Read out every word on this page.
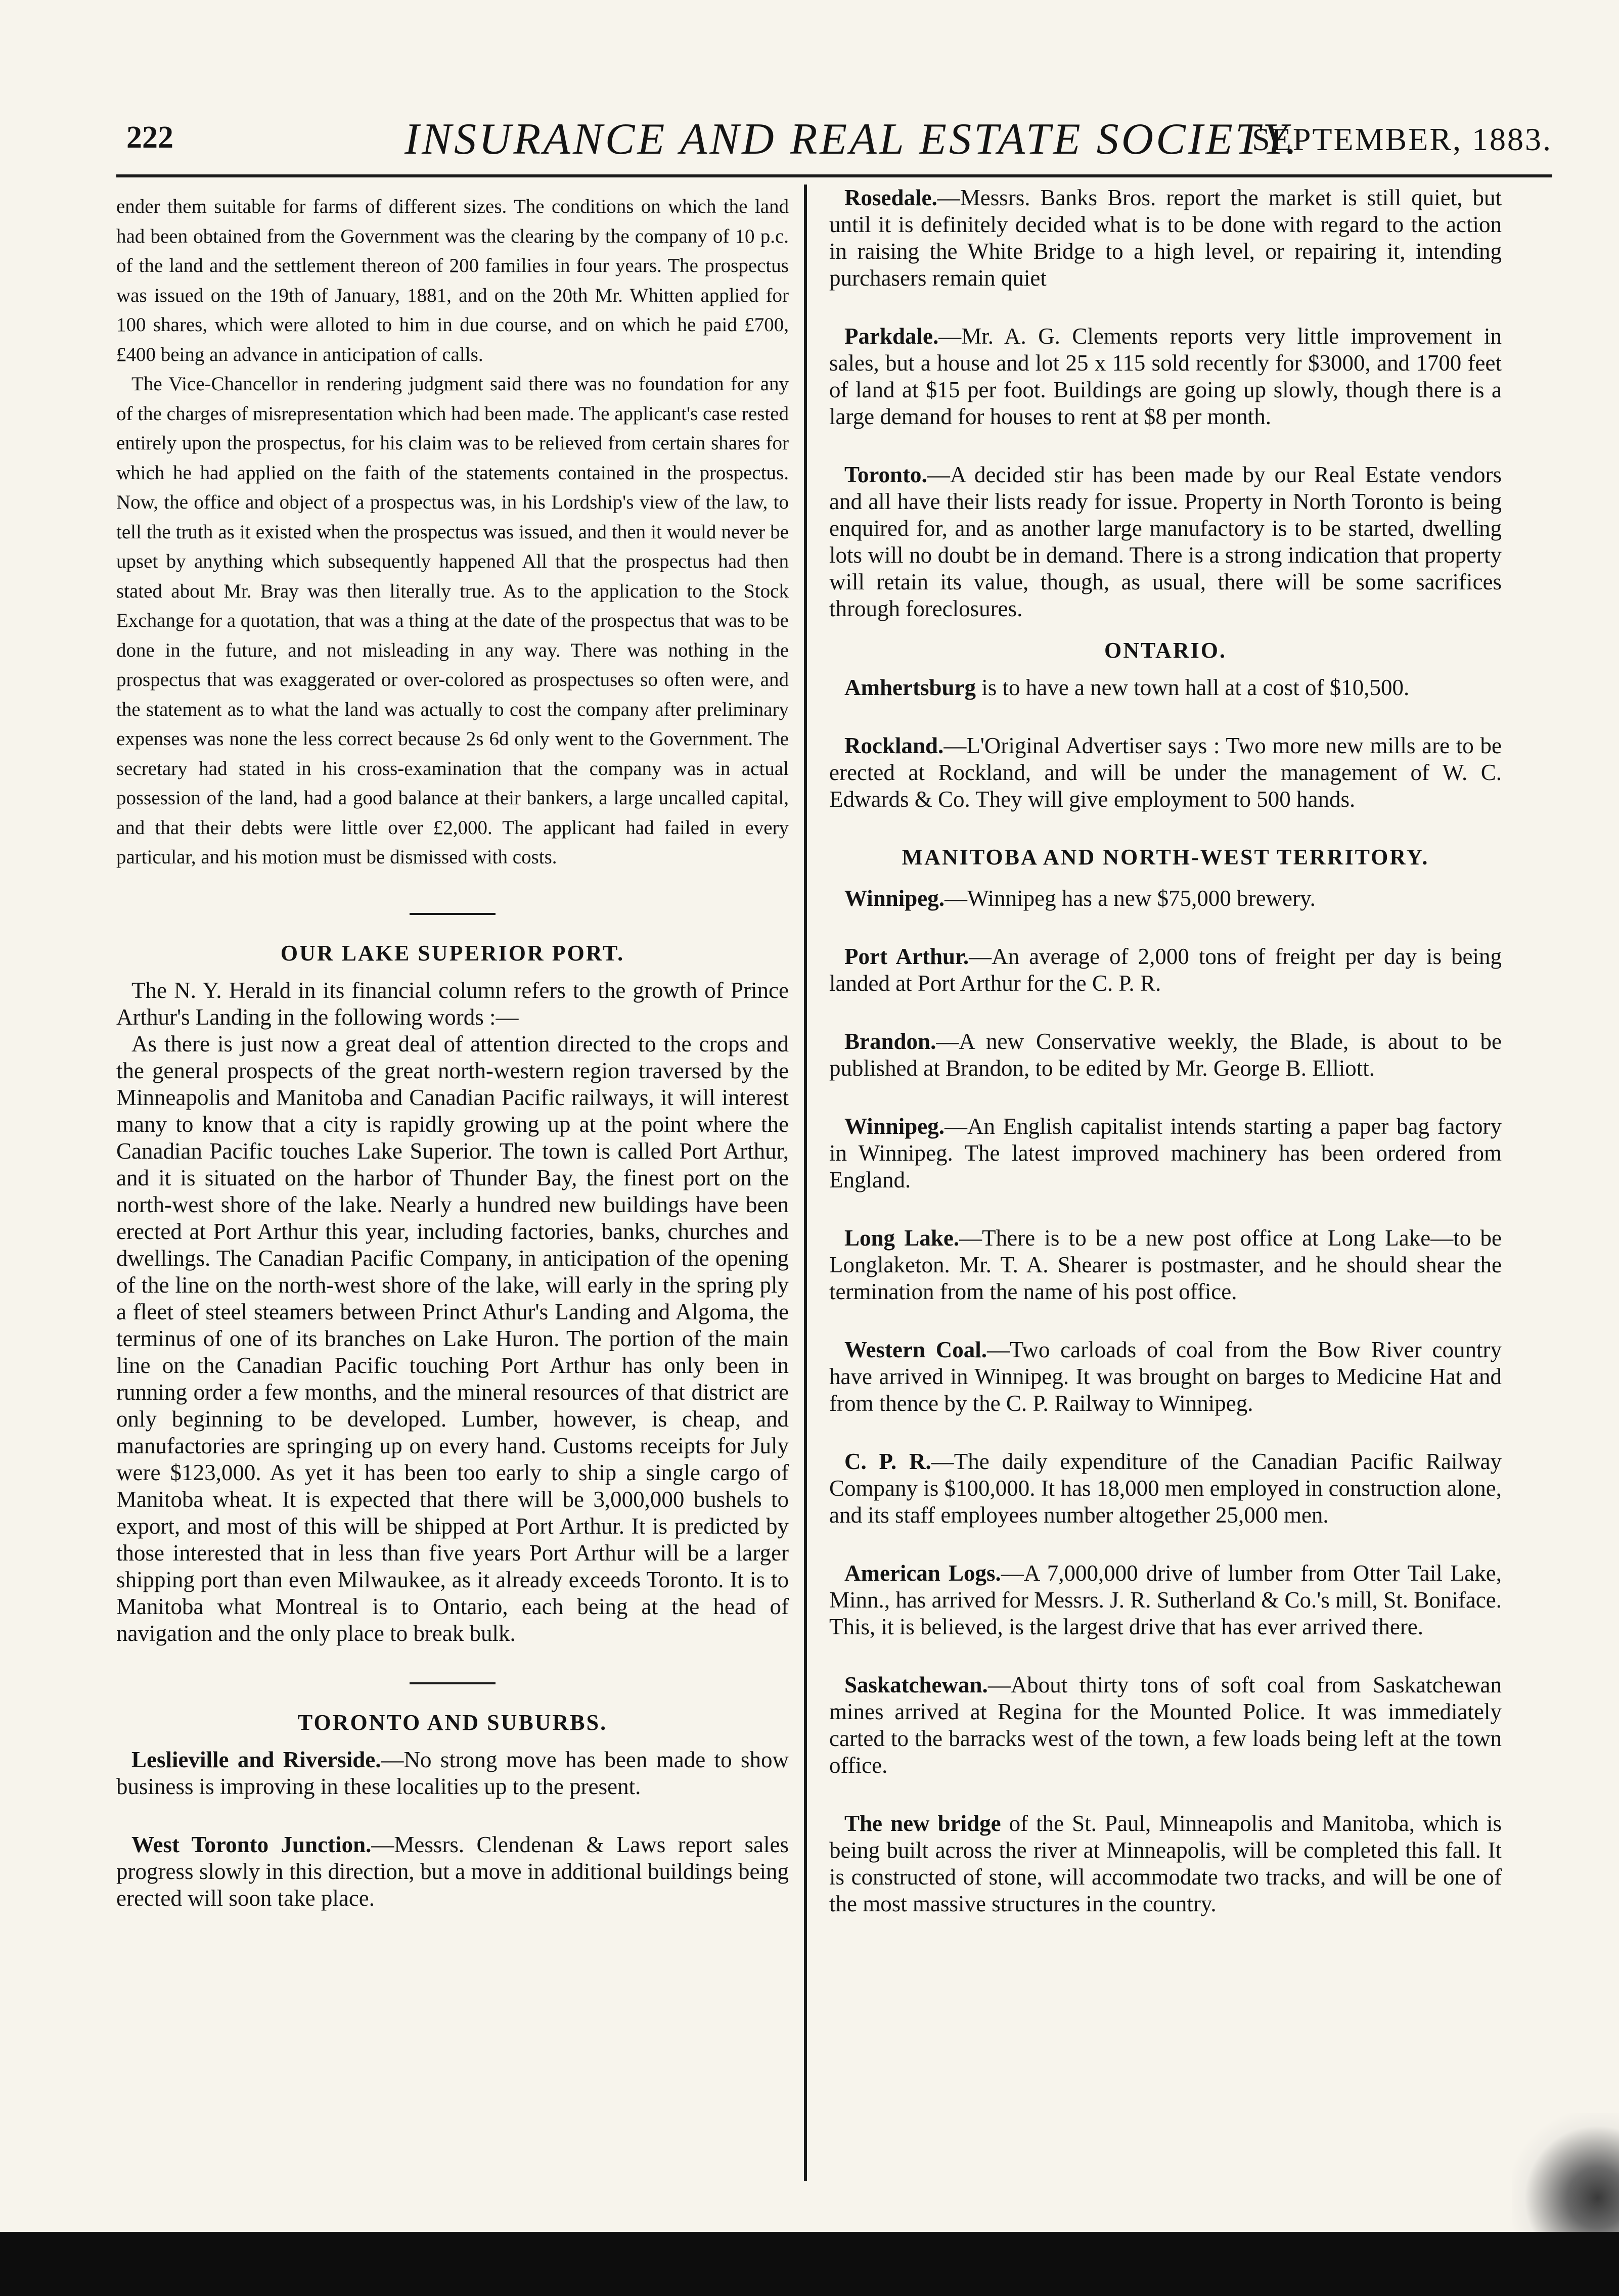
222	INSURANCE AND REAL ESTATE SOCIETY.
SEPTEMBER, 1883.

ender them suitable for farms of different sizes. The conditions on which the land had been obtained from the Government was the clearing by the company of 10 p.c. of the land and the settlement thereon of 200 families in four years. The prospectus was issued on the 19th of January, 1881, and on the 20th Mr. Whitten applied for 100 shares, which were alloted to him in due course, and on which he paid £700, £400 being an advance in anticipation of calls.

The Vice-Chancellor in rendering judgment said there was no foundation for any of the charges of misrepresentation which had been made. The applicant's case rested entirely upon the prospectus, for his claim was to be relieved from certain shares for which he had applied on the faith of the statements contained in the prospectus. Now, the office and object of a prospectus was, in his Lordship's view of the law, to tell the truth as it existed when the prospectus was issued, and then it would never be upset by anything which subsequently happened All that the prospectus had then stated about Mr. Bray was then literally true. As to the application to the Stock Exchange for a quotation, that was a thing at the date of the prospectus that was to be done in the future, and not misleading in any way. There was nothing in the prospectus that was exaggerated or over-colored as prospectuses so often were, and the statement as to what the land was actually to cost the company after preliminary expenses was none the less correct because 2s 6d only went to the Government. The secretary had stated in his cross-examination that the company was in actual possession of the land, had a good balance at their bankers, a large uncalled capital, and that their debts were little over £2,000. The applicant had failed in every particular, and his motion must be dismissed with costs.

OUR LAKE SUPERIOR PORT.

The N. Y. Herald in its financial column refers to the growth of Prince Arthur's Landing in the following words :—

As there is just now a great deal of attention directed to the crops and the general prospects of the great north-western region traversed by the Minneapolis and Manitoba and Canadian Pacific railways, it will interest many to know that a city is rapidly growing up at the point where the Canadian Pacific touches Lake Superior. The town is called Port Arthur, and it is situated on the harbor of Thunder Bay, the finest port on the north-west shore of the lake. Nearly a hundred new buildings have been erected at Port Arthur this year, including factories, banks, churches and dwellings. The Canadian Pacific Company, in anticipation of the opening of the line on the north-west shore of the lake, will early in the spring ply a fleet of steel steamers between Princt Athur's Landing and Algoma, the terminus of one of its branches on Lake Huron. The portion of the main line on the Canadian Pacific touching Port Arthur has only been in running order a few months, and the mineral resources of that district are only beginning to be developed. Lumber, however, is cheap, and manufactories are springing up on every hand. Customs receipts for July were $123,000. As yet it has been too early to ship a single cargo of Manitoba wheat. It is expected that there will be 3,000,000 bushels to export, and most of this will be shipped at Port Arthur. It is predicted by those interested that in less than five years Port Arthur will be a larger shipping port than even Milwaukee, as it already exceeds Toronto. It is to Manitoba what Montreal is to Ontario, each being at the head of navigation and the only place to break bulk.

TORONTO AND SUBURBS.

Leslieville and Riverside.—No strong move has been made to show business is improving in these localities up to the present.

West Toronto Junction.—Messrs. Clendenan & Laws report sales progress slowly in this direction, but a move in additional buildings being erected will soon take place.

Rosedale.—Messrs. Banks Bros. report the market is still quiet, but until it is definitely decided what is to be done with regard to the action in raising the White Bridge to a high level, or repairing it, intending purchasers remain quiet

Parkdale.—Mr. A. G. Clements reports very little improvement in sales, but a house and lot 25 x 115 sold recently for $3000, and 1700 feet of land at $15 per foot. Buildings are going up slowly, though there is a large demand for houses to rent at $8 per month.

Toronto.—A decided stir has been made by our Real Estate vendors and all have their lists ready for issue. Property in North Toronto is being enquired for, and as another large manufactory is to be started, dwelling lots will no doubt be in demand. There is a strong indication that property will retain its value, though, as usual, there will be some sacrifices through foreclosures.

ONTARIO.

Amhertsburg is to have a new town hall at a cost of $10,500.

Rockland.—L'Original Advertiser says : Two more new mills are to be erected at Rockland, and will be under the management of W. C. Edwards & Co. They will give employment to 500 hands.

MANITOBA AND NORTH-WEST TERRITORY.

Winnipeg.—Winnipeg has a new $75,000 brewery.

Port Arthur.—An average of 2,000 tons of freight per day is being landed at Port Arthur for the C. P. R.

Brandon.—A new Conservative weekly, the Blade, is about to be published at Brandon, to be edited by Mr. George B. Elliott.

Winnipeg.—An English capitalist intends starting a paper bag factory in Winnipeg. The latest improved machinery has been ordered from England.

Long Lake.—There is to be a new post office at Long Lake—to be Longlaketon. Mr. T. A. Shearer is postmaster, and he should shear the termination from the name of his post office.

Western Coal.—Two carloads of coal from the Bow River country have arrived in Winnipeg. It was brought on barges to Medicine Hat and from thence by the C. P. Railway to Winnipeg.

C. P. R.—The daily expenditure of the Canadian Pacific Railway Company is $100,000. It has 18,000 men employed in construction alone, and its staff employees number altogether 25,000 men.

American Logs.—A 7,000,000 drive of lumber from Otter Tail Lake, Minn., has arrived for Messrs. J. R. Sutherland & Co.'s mill, St. Boniface. This, it is believed, is the largest drive that has ever arrived there.

Saskatchewan.—About thirty tons of soft coal from Saskatchewan mines arrived at Regina for the Mounted Police. It was immediately carted to the barracks west of the town, a few loads being left at the town office.

The new bridge of the St. Paul, Minneapolis and Manitoba, which is being built across the river at Minneapolis, will be completed this fall. It is constructed of stone, will accommodate two tracks, and will be one of the most massive structures in the country.
